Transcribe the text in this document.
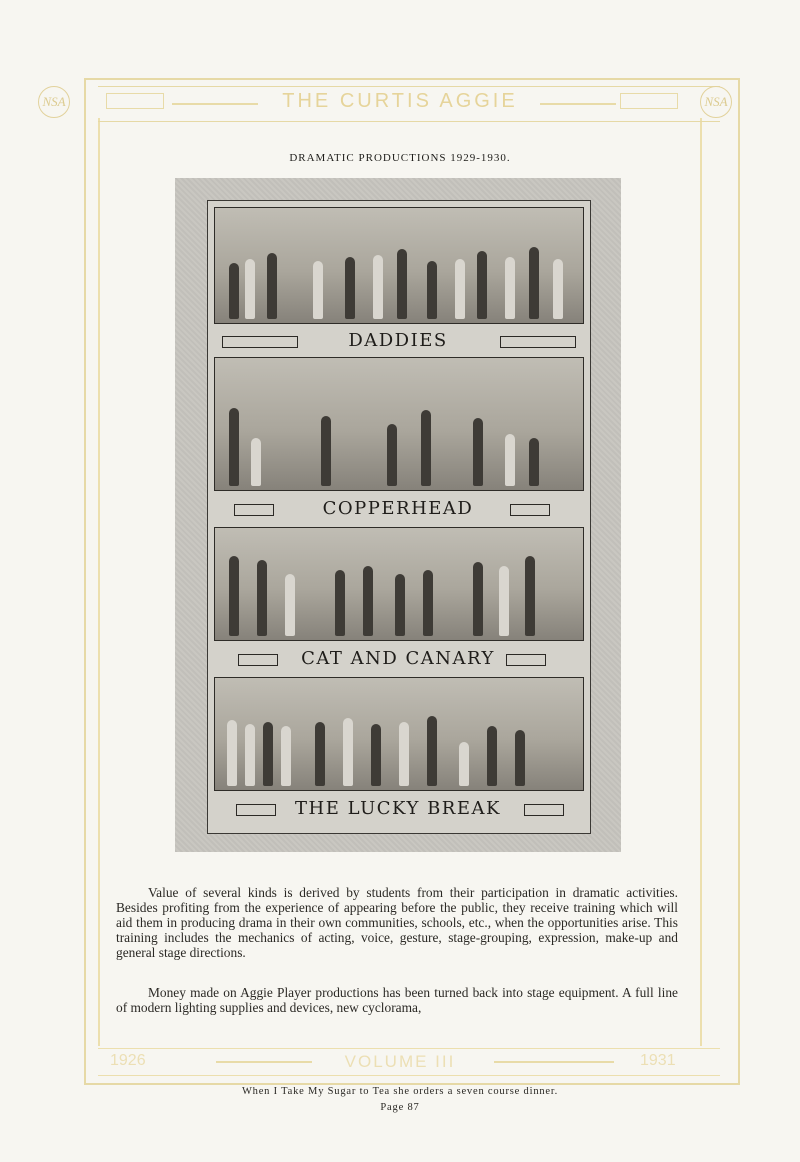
NSA	NSA
THE CURTIS AGGIE
1926	VOLUME III	1931
DRAMATIC PRODUCTIONS 1929-1930.
DADDIES
COPPERHEAD
CAT AND CANARY
THE LUCKY BREAK

Value of several kinds is derived by students from their participation in dramatic activities. Besides profiting from the experience of appearing before the public, they receive training which will aid them in producing drama in their own communities, schools, etc., when the opportunities arise. This training includes the mechanics of acting, voice, gesture, stage-grouping, expression, make-up and general stage directions.

Money made on Aggie Player productions has been turned back into stage equipment. A full line of modern lighting supplies and devices, new cyclorama,

When I Take My Sugar to Tea she orders a seven course dinner.
Page 87
